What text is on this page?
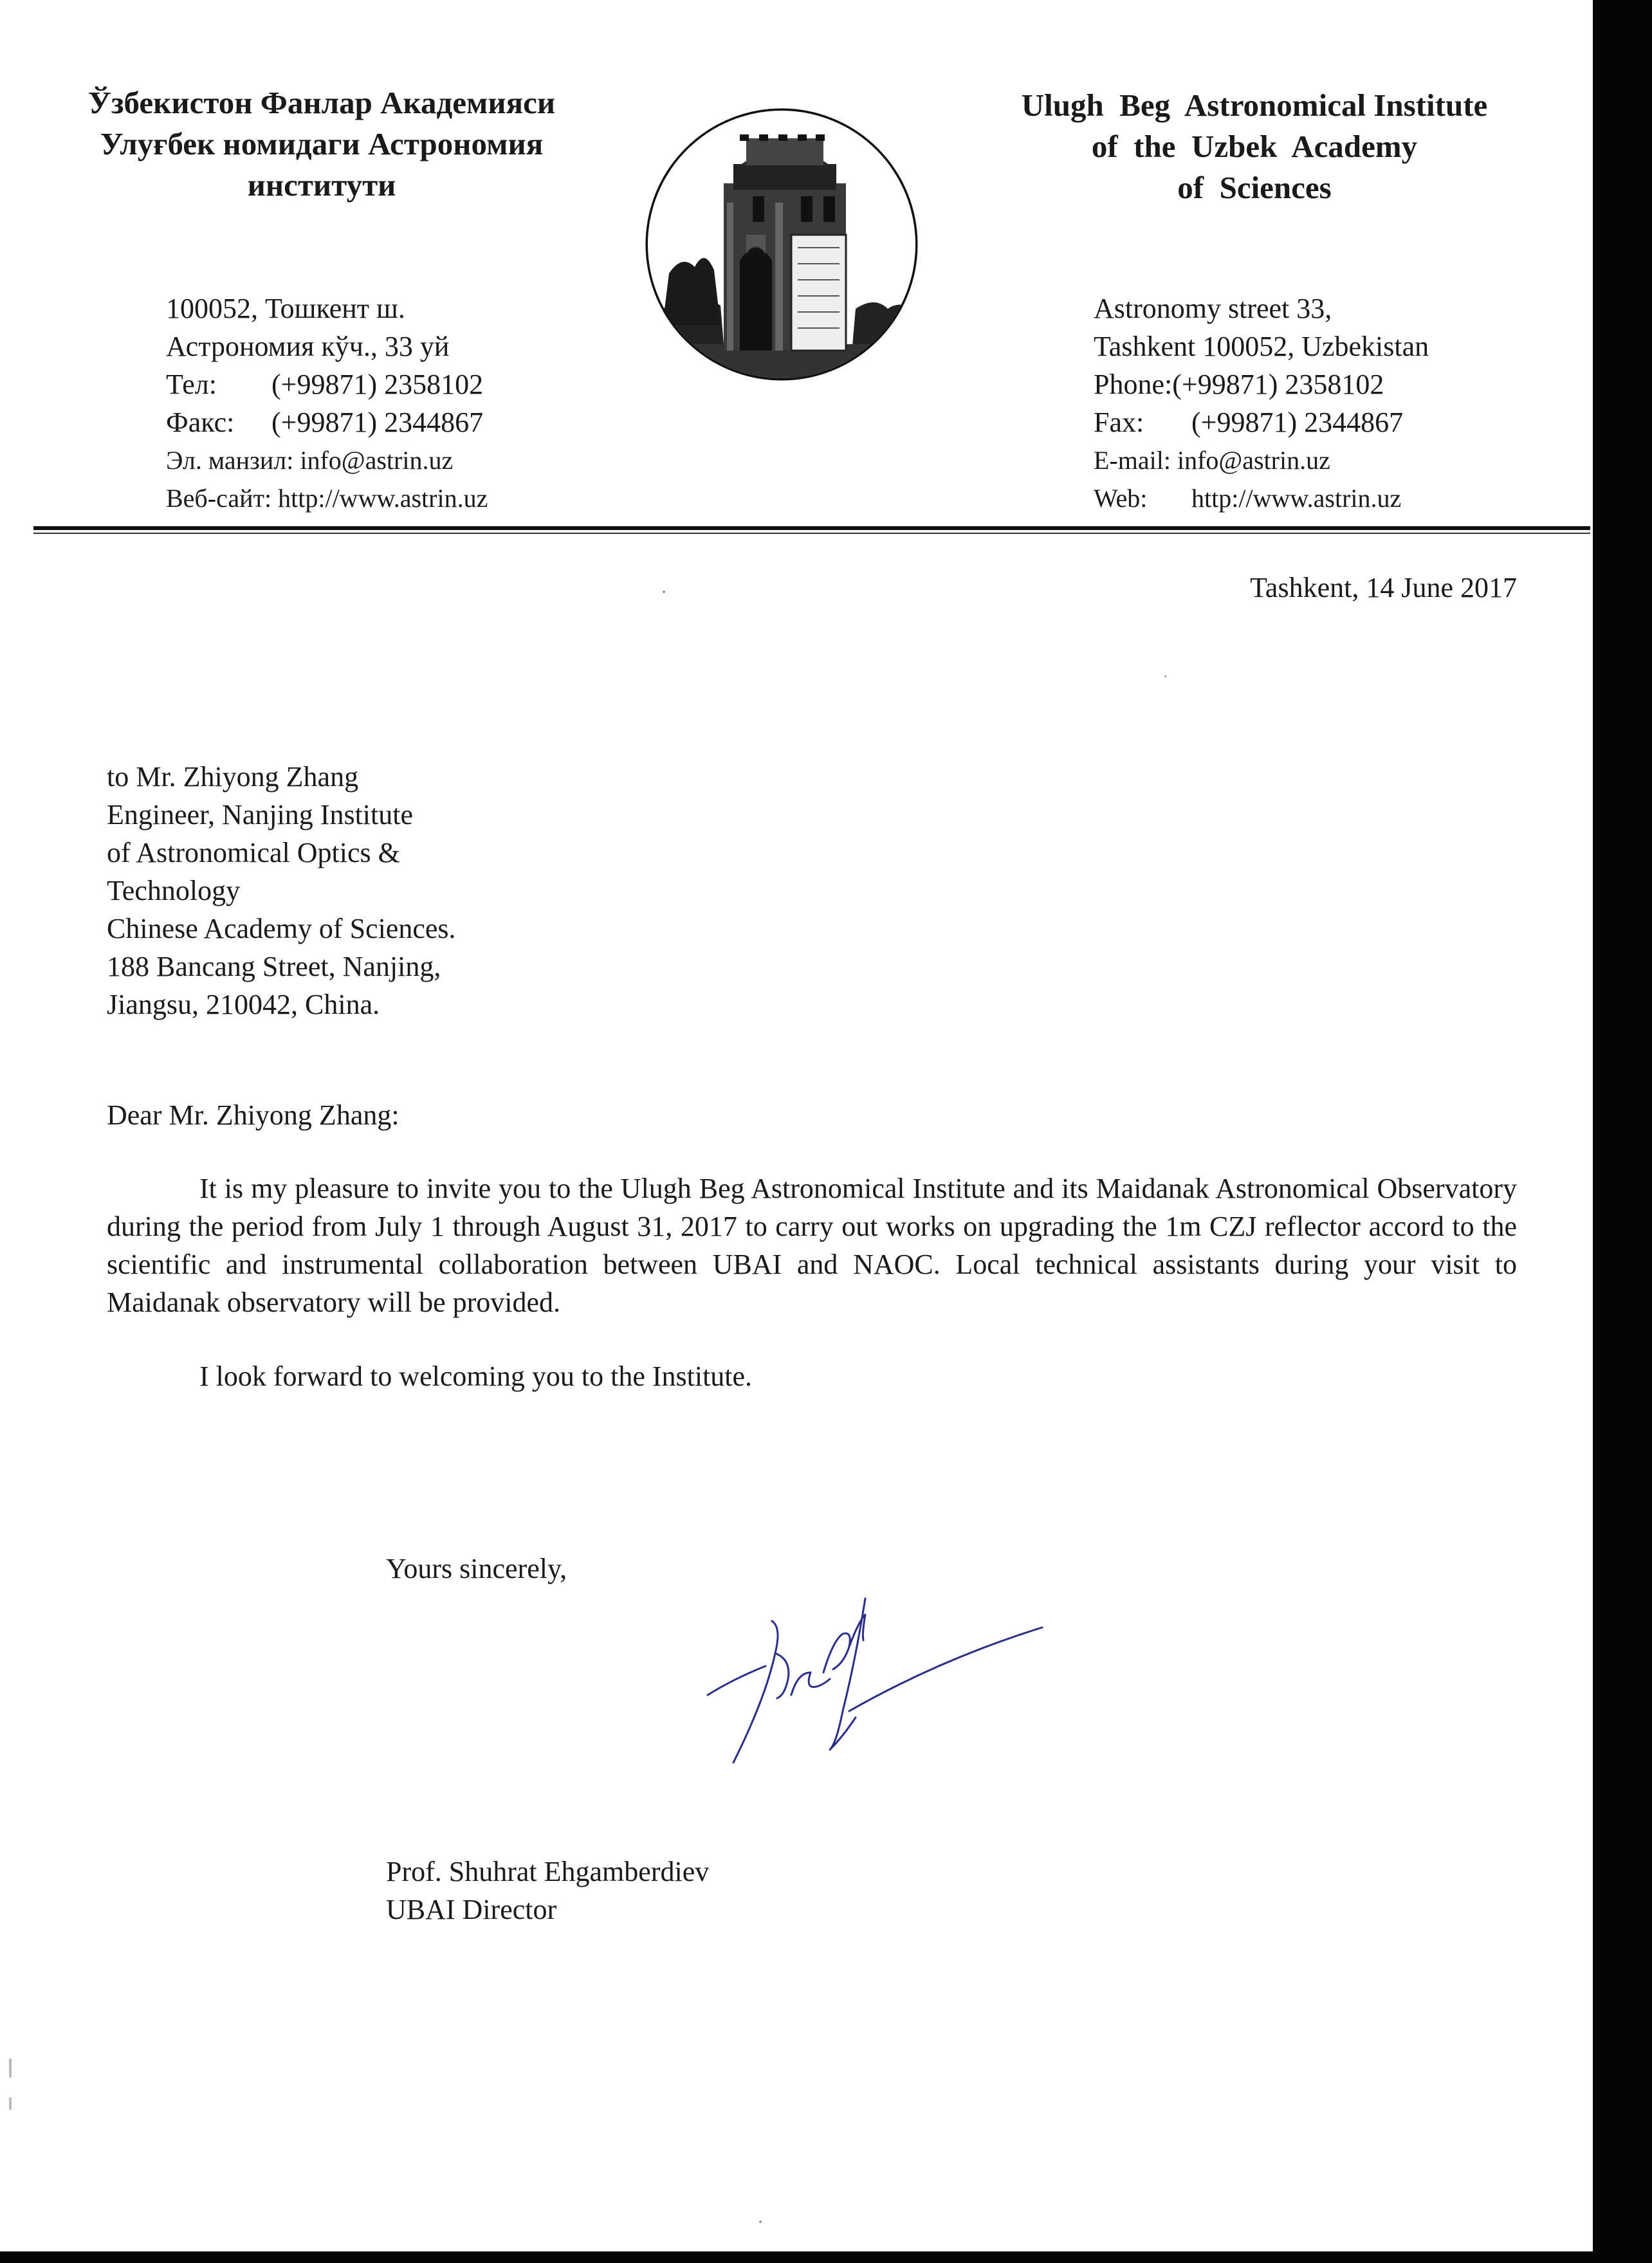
Ўзбекистон Фанлар Академияси
Улуғбек номидаги Астрономия
институти
Ulugh  Beg  Astronomical Institute
of  the  Uzbek  Academy
of  Sciences
100052, Тошкент ш.
Астрономия кўч., 33 уй
Тел:	(+99871) 2358102
Факс:	(+99871) 2344867
Эл. манзил: info@astrin.uz
Веб-сайт: http://www.astrin.uz
Astronomy street 33,
Tashkent 100052, Uzbekistan
Phone: (+99871) 2358102
Fax:	(+99871) 2344867
E-mail: info@astrin.uz
Web:	http://www.astrin.uz
Tashkent, 14 June 2017
to Mr. Zhiyong Zhang
Engineer, Nanjing Institute
of Astronomical Optics &
Technology
Chinese Academy of Sciences.
188 Bancang Street, Nanjing,
Jiangsu, 210042, China.
Dear Mr. Zhiyong Zhang:
It is my pleasure to invite you to the Ulugh Beg Astronomical Institute and its Maidanak Astronomical Observatory during the period from July 1 through August 31, 2017 to carry out works on upgrading the 1m CZJ reflector accord to the scientific and instrumental collaboration between UBAI and NAOC. Local technical assistants during your visit to Maidanak observatory will be provided.
I look forward to welcoming you to the Institute.
Yours sincerely,
Prof. Shuhrat Ehgamberdiev
UBAI Director
